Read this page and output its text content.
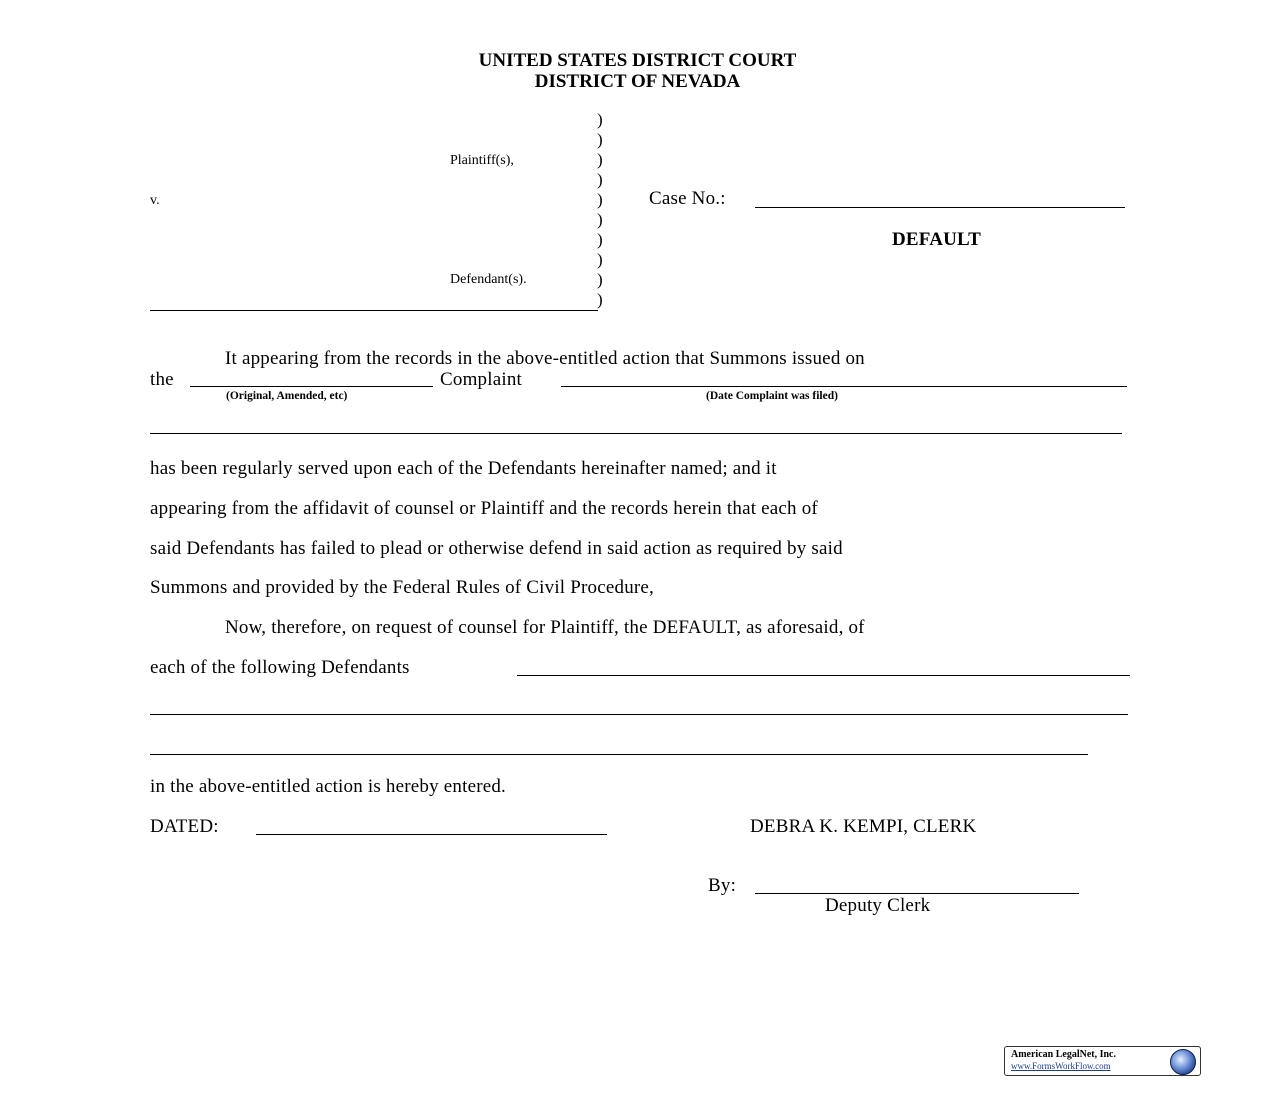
UNITED STATES DISTRICT COURT
DISTRICT OF NEVADA
)
)
)
)
)
)
)
)
)
)
Plaintiff(s),
v.
Defendant(s).
Case No.:
DEFAULT
It appearing from the records in the above-entitled action that Summons issued on
the	Complaint
(Original, Amended, etc)	(Date Complaint was filed)
has been regularly served upon each of the Defendants hereinafter named; and it
appearing from the affidavit of counsel or Plaintiff and the records herein that each of
said Defendants has failed to plead or otherwise defend in said action as required by said
Summons and provided by the Federal Rules of Civil Procedure,
Now, therefore, on request of counsel for Plaintiff, the DEFAULT, as aforesaid, of
each of the following Defendants
in the above-entitled action is hereby entered.
DATED:	DEBRA K. KEMPI, CLERK
By:
Deputy Clerk
American LegalNet, Inc.
www.FormsWorkFlow.com
